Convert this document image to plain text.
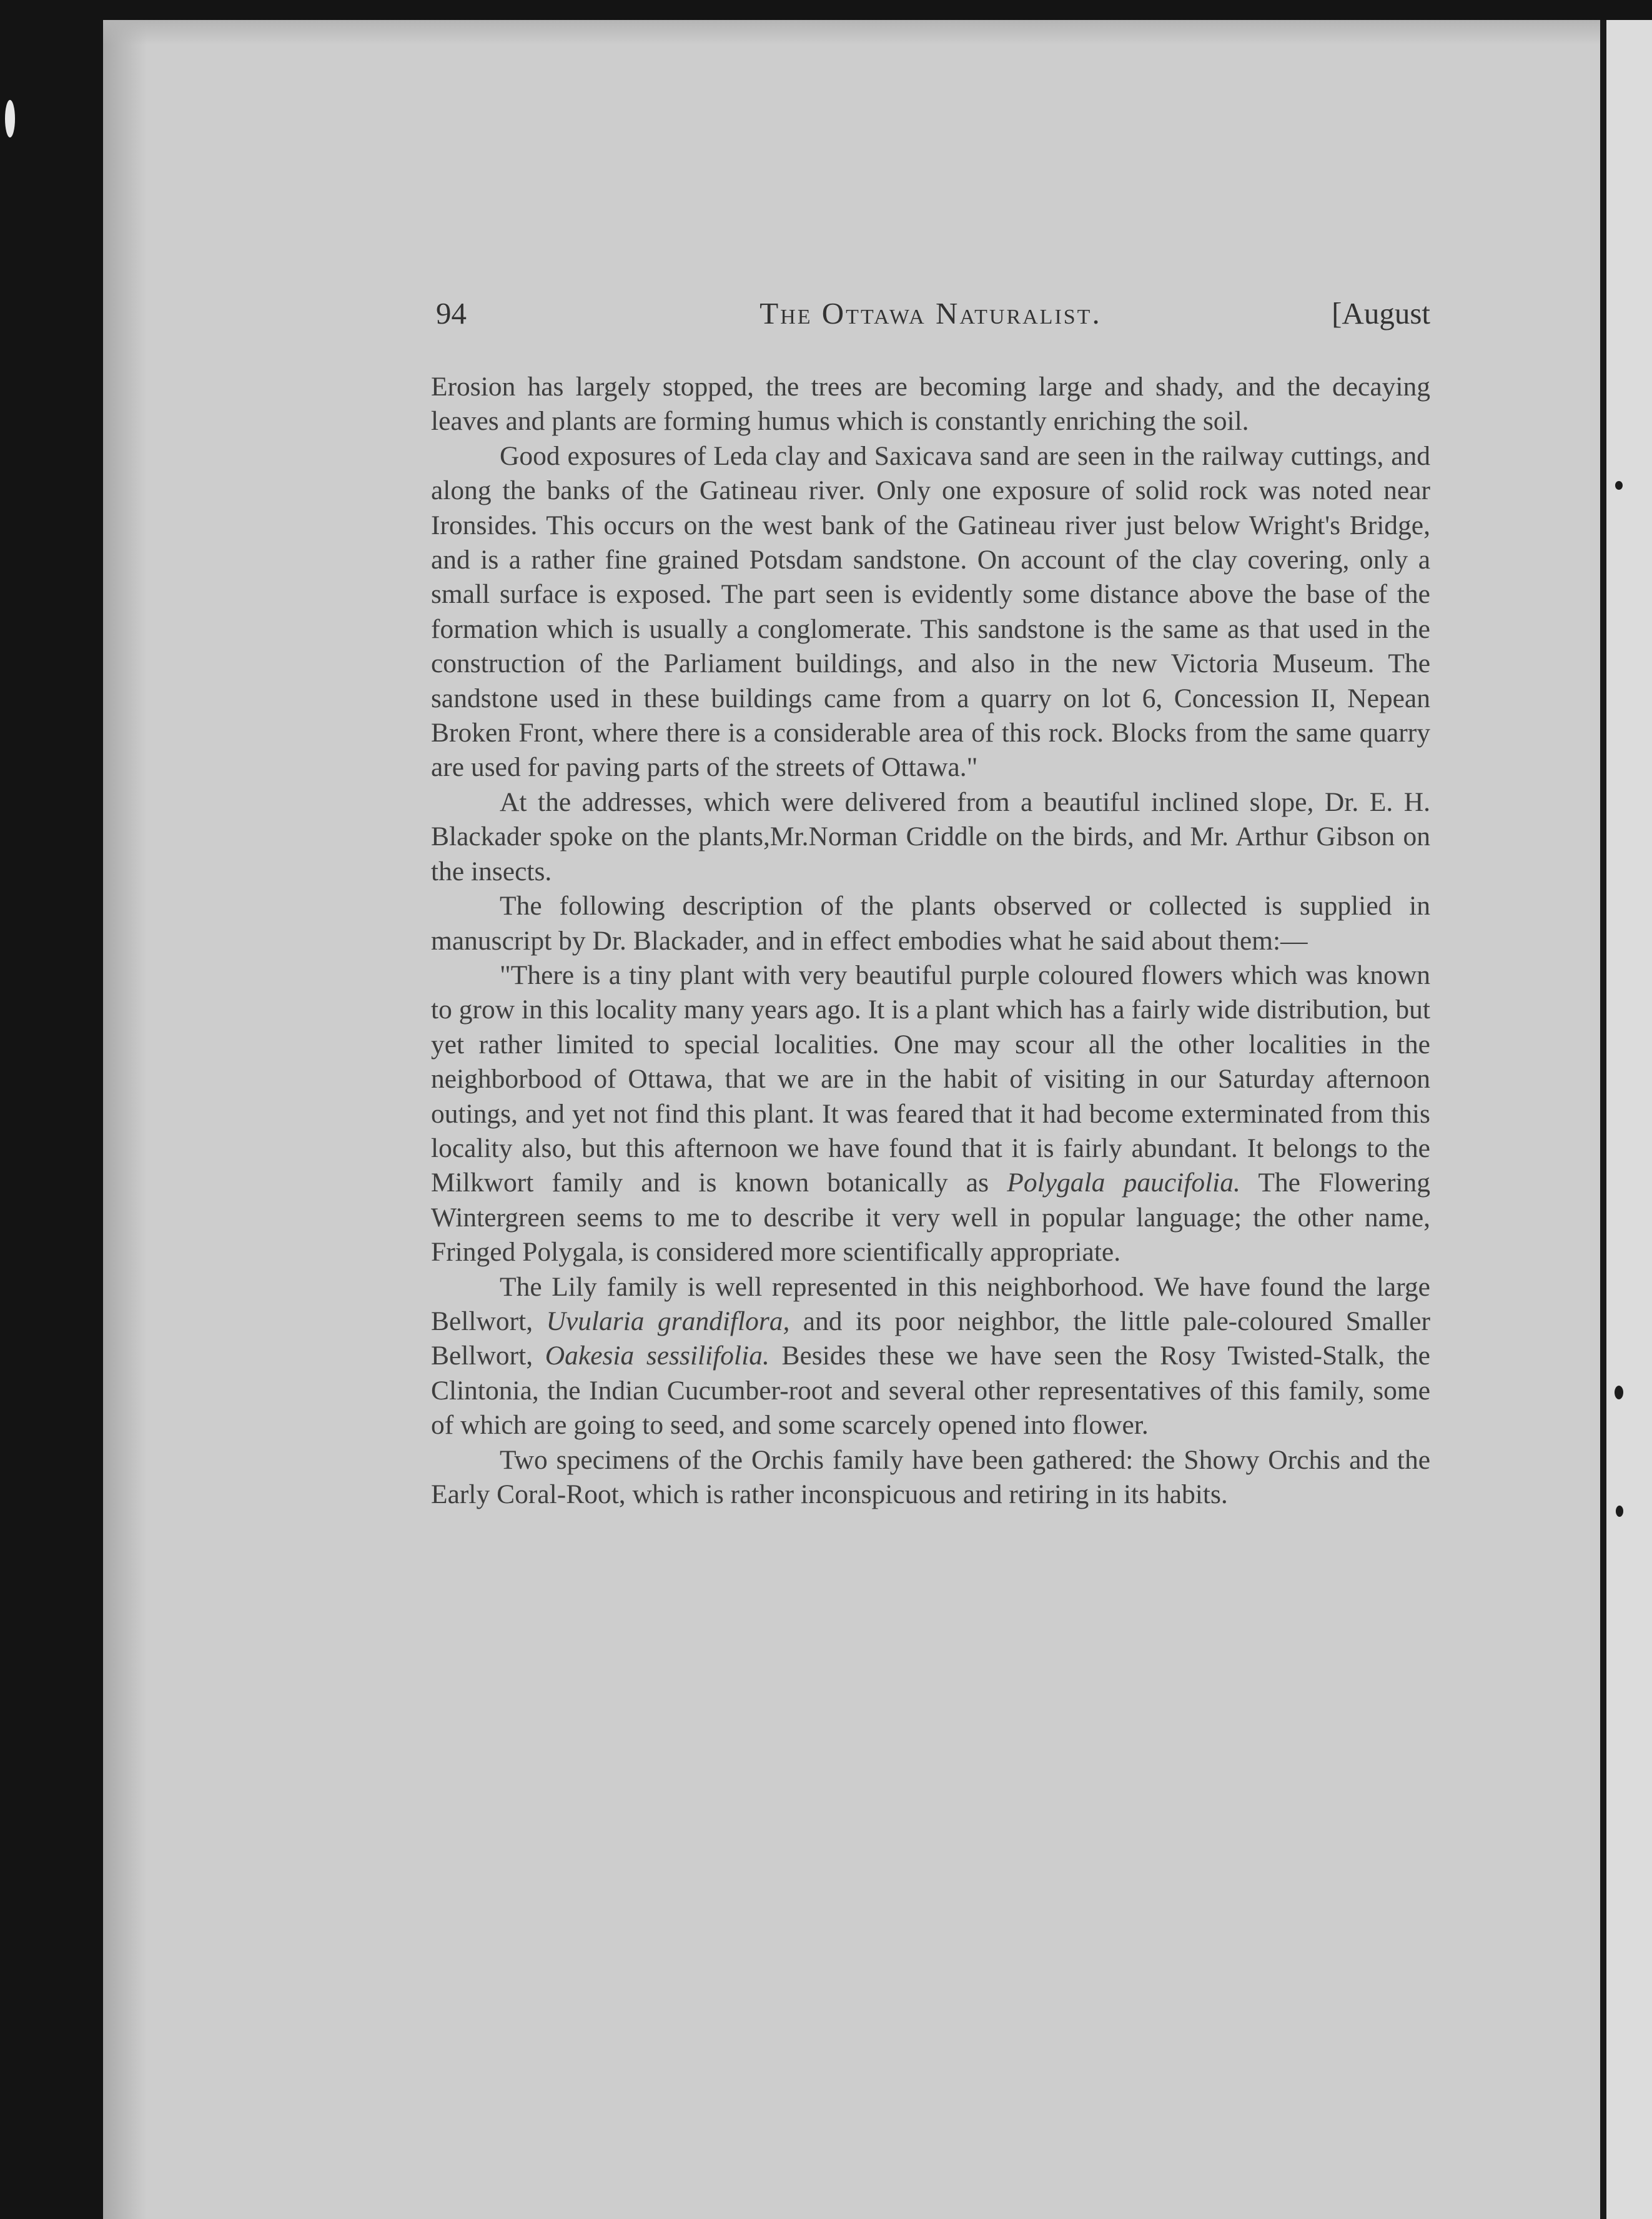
94	The Ottawa Naturalist.	[August

Erosion has largely stopped, the trees are becoming large and shady, and the decaying leaves and plants are forming humus which is constantly enriching the soil.

Good exposures of Leda clay and Saxicava sand are seen in the railway cuttings, and along the banks of the Gatineau river. Only one exposure of solid rock was noted near Ironsides. This occurs on the west bank of the Gatineau river just below Wright's Bridge, and is a rather fine grained Potsdam sandstone. On account of the clay covering, only a small surface is exposed. The part seen is evidently some distance above the base of the formation which is usually a conglomerate. This sandstone is the same as that used in the construction of the Parliament buildings, and also in the new Victoria Museum. The sandstone used in these buildings came from a quarry on lot 6, Concession II, Nepean Broken Front, where there is a considerable area of this rock. Blocks from the same quarry are used for paving parts of the streets of Ottawa."

At the addresses, which were delivered from a beautiful inclined slope, Dr. E. H. Blackader spoke on the plants,Mr.Norman Criddle on the birds, and Mr. Arthur Gibson on the insects.

The following description of the plants observed or collected is supplied in manuscript by Dr. Blackader, and in effect embodies what he said about them:—

"There is a tiny plant with very beautiful purple coloured flowers which was known to grow in this locality many years ago. It is a plant which has a fairly wide distribution, but yet rather limited to special localities. One may scour all the other localities in the neighborbood of Ottawa, that we are in the habit of visiting in our Saturday afternoon outings, and yet not find this plant. It was feared that it had become exterminated from this locality also, but this afternoon we have found that it is fairly abundant. It belongs to the Milkwort family and is known botanically as Polygala paucifolia. The Flowering Wintergreen seems to me to describe it very well in popular language; the other name, Fringed Polygala, is considered more scientifically appropriate.

The Lily family is well represented in this neighborhood. We have found the large Bellwort, Uvularia grandiflora, and its poor neighbor, the little pale-coloured Smaller Bellwort, Oakesia sessilifolia. Besides these we have seen the Rosy Twisted-Stalk, the Clintonia, the Indian Cucumber-root and several other representatives of this family, some of which are going to seed, and some scarcely opened into flower.

Two specimens of the Orchis family have been gathered: the Showy Orchis and the Early Coral-Root, which is rather inconspicuous and retiring in its habits.
